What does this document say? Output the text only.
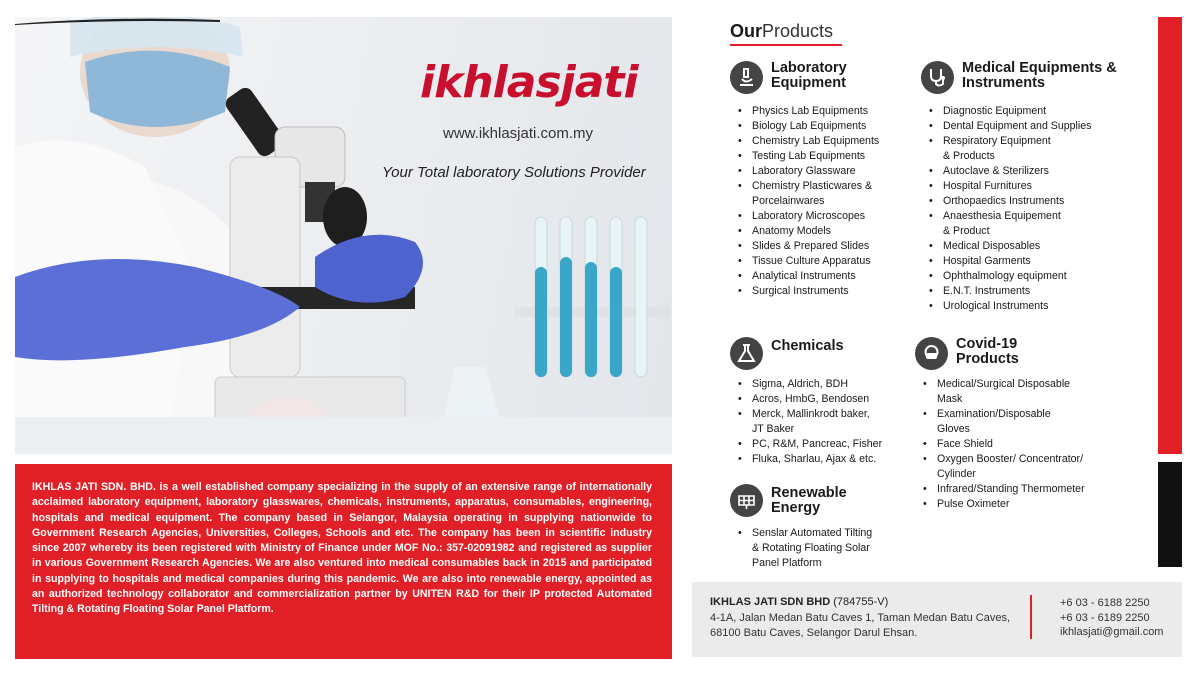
ikhlasjati
www.ikhlasjati.com.my
Your Total laboratory Solutions Provider

IKHLAS JATI SDN. BHD. is a well established company specializing in the supply of an extensive range of internationally acclaimed laboratory equipment, laboratory glasswares, chemicals, instruments, apparatus, consumables, engineering, hospitals and medical equipment. The company based in Selangor, Malaysia operating in supplying nationwide to Government Research Agencies, Universities, Colleges, Schools and etc. The company has been in scientific industry since 2007 whereby its been registered with Ministry of Finance under MOF No.: 357-02091982 and registered as supplier in various Government Research Agencies. We are also ventured into medical consumables back in 2015 and participated in supplying to hospitals and medical companies during this pandemic. We are also into renewable energy, appointed as an authorized technology collaborator and commercialization partner by UNITEN R&D for their IP protected Automated Tilting & Rotating Floating Solar Panel Platform.

OurProducts
Laboratory Equipment
• Physics Lab Equipments
• Biology Lab Equipments
• Chemistry Lab Equipments
• Testing Lab Equipments
• Laboratory Glassware
• Chemistry Plasticwares &
Porcelainwares
• Laboratory Microscopes
• Anatomy Models
• Slides & Prepared Slides
• Tissue Culture Apparatus
• Analytical Instruments
• Surgical Instruments
Medical Equipments & Instruments
• Diagnostic Equipment
• Dental Equipment and Supplies
• Respiratory Equipment
& Products
• Autoclave & Sterilizers
• Hospital Furnitures
• Orthopaedics Instruments
• Anaesthesia Equipement
& Product
• Medical Disposables
• Hospital Garments
• Ophthalmology equipment
• E.N.T. Instruments
• Urological Instruments
Chemicals
• Sigma, Aldrich, BDH
• Acros, HmbG, Bendosen
• Merck, Mallinkrodt baker,
JT Baker
• PC, R&M, Pancreac, Fisher
• Fluka, Sharlau, Ajax & etc.
Covid-19 Products
• Medical/Surgical Disposable
Mask
• Examination/Disposable
Gloves
• Face Shield
• Oxygen Booster/ Concentrator/
Cylinder
• Infrared/Standing Thermometer
• Pulse Oximeter
Renewable Energy
• Senslar Automated Tilting
& Rotating Floating Solar
Panel Platform
IKHLAS JATI SDN BHD (784755-V)
4-1A, Jalan Medan Batu Caves 1, Taman Medan Batu Caves,
68100 Batu Caves, Selangor Darul Ehsan.
+6 03 - 6188 2250
+6 03 - 6189 2250
ikhlasjati@gmail.com
